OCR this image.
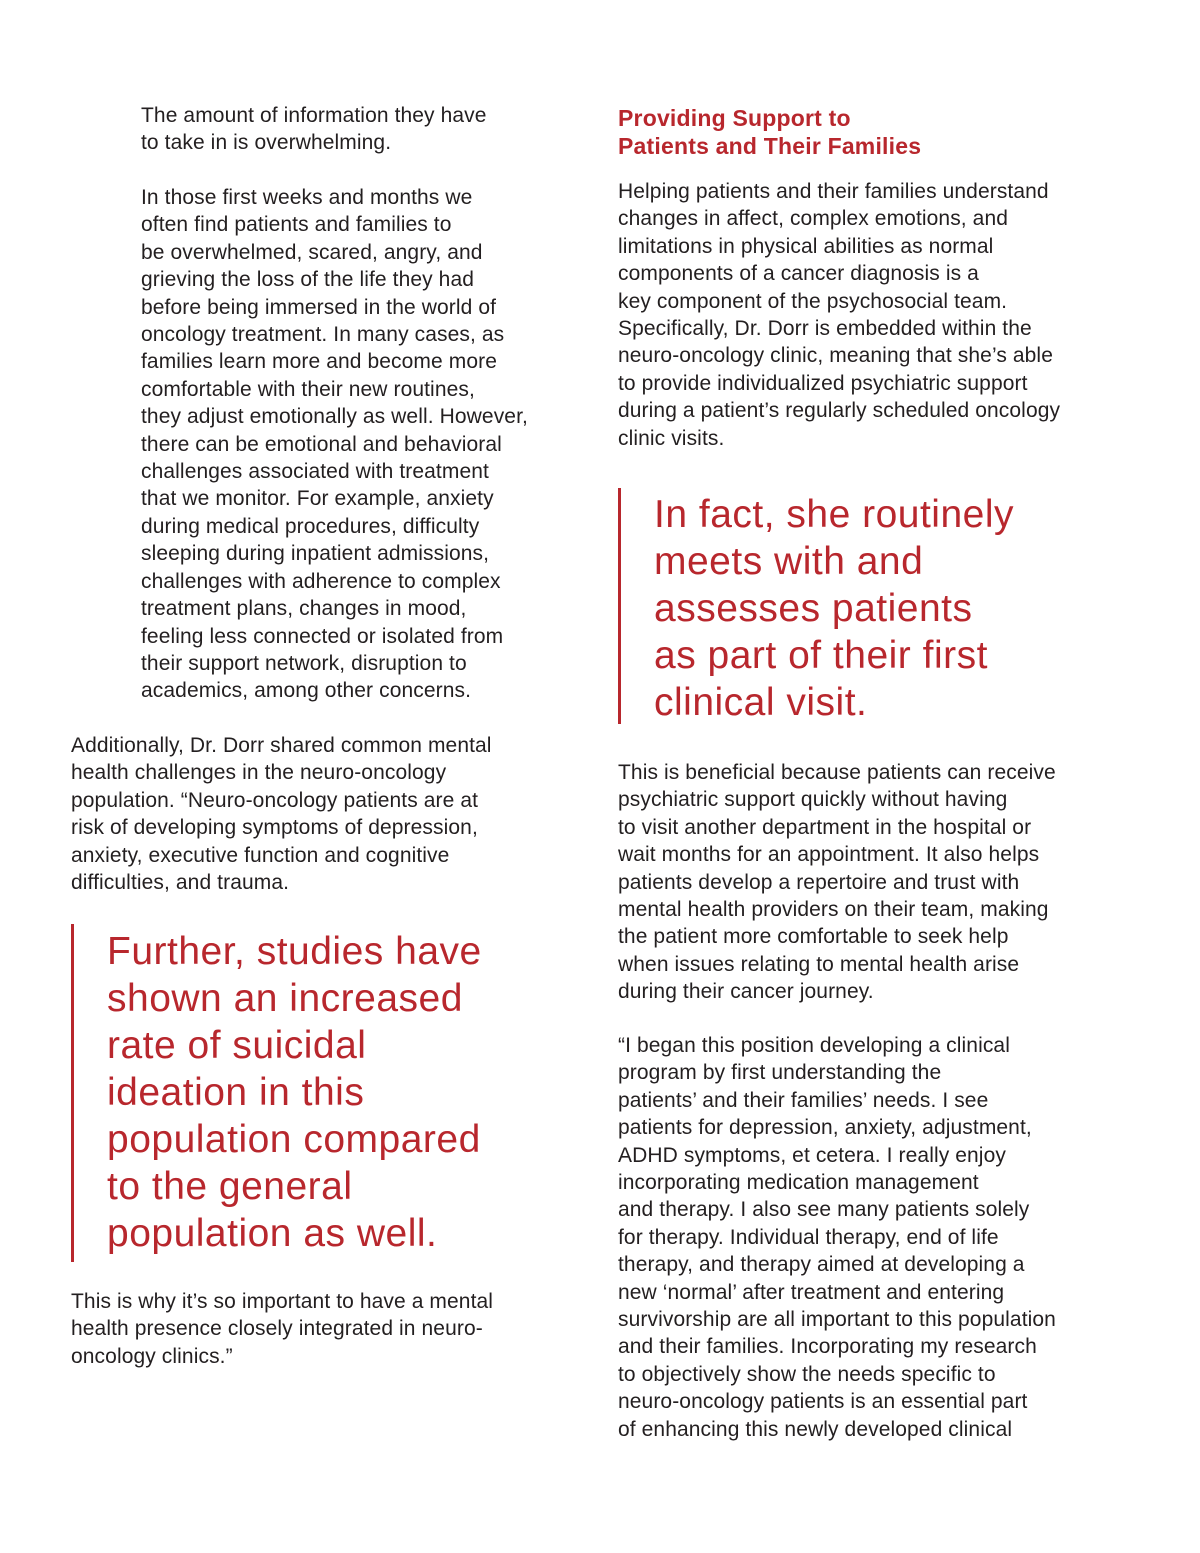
The amount of information they have
to take in is overwhelming.

In those first weeks and months we
often find patients and families to
be overwhelmed, scared, angry, and
grieving the loss of the life they had
before being immersed in the world of
oncology treatment. In many cases, as
families learn more and become more
comfortable with their new routines,
they adjust emotionally as well. However,
there can be emotional and behavioral
challenges associated with treatment
that we monitor. For example, anxiety
during medical procedures, difficulty
sleeping during inpatient admissions,
challenges with adherence to complex
treatment plans, changes in mood,
feeling less connected or isolated from
their support network, disruption to
academics, among other concerns.

Additionally, Dr. Dorr shared common mental
health challenges in the neuro-oncology
population. “Neuro-oncology patients are at
risk of developing symptoms of depression,
anxiety, executive function and cognitive
difficulties, and trauma.

Further, studies have
shown an increased
rate of suicidal
ideation in this
population compared
to the general
population as well.

This is why it’s so important to have a mental
health presence closely integrated in neuro-
oncology clinics.”

Providing Support to
Patients and Their Families

Helping patients and their families understand
changes in affect, complex emotions, and
limitations in physical abilities as normal
components of a cancer diagnosis is a
key component of the psychosocial team.
Specifically, Dr. Dorr is embedded within the
neuro-oncology clinic, meaning that she’s able
to provide individualized psychiatric support
during a patient’s regularly scheduled oncology
clinic visits.

In fact, she routinely
meets with and
assesses patients
as part of their first
clinical visit.

This is beneficial because patients can receive
psychiatric support quickly without having
to visit another department in the hospital or
wait months for an appointment. It also helps
patients develop a repertoire and trust with
mental health providers on their team, making
the patient more comfortable to seek help
when issues relating to mental health arise
during their cancer journey.

“I began this position developing a clinical
program by first understanding the
patients’ and their families’ needs. I see
patients for depression, anxiety, adjustment,
ADHD symptoms, et cetera. I really enjoy
incorporating medication management
and therapy. I also see many patients solely
for therapy. Individual therapy, end of life
therapy, and therapy aimed at developing a
new ‘normal’ after treatment and entering
survivorship are all important to this population
and their families. Incorporating my research
to objectively show the needs specific to
neuro-oncology patients is an essential part
of enhancing this newly developed clinical
